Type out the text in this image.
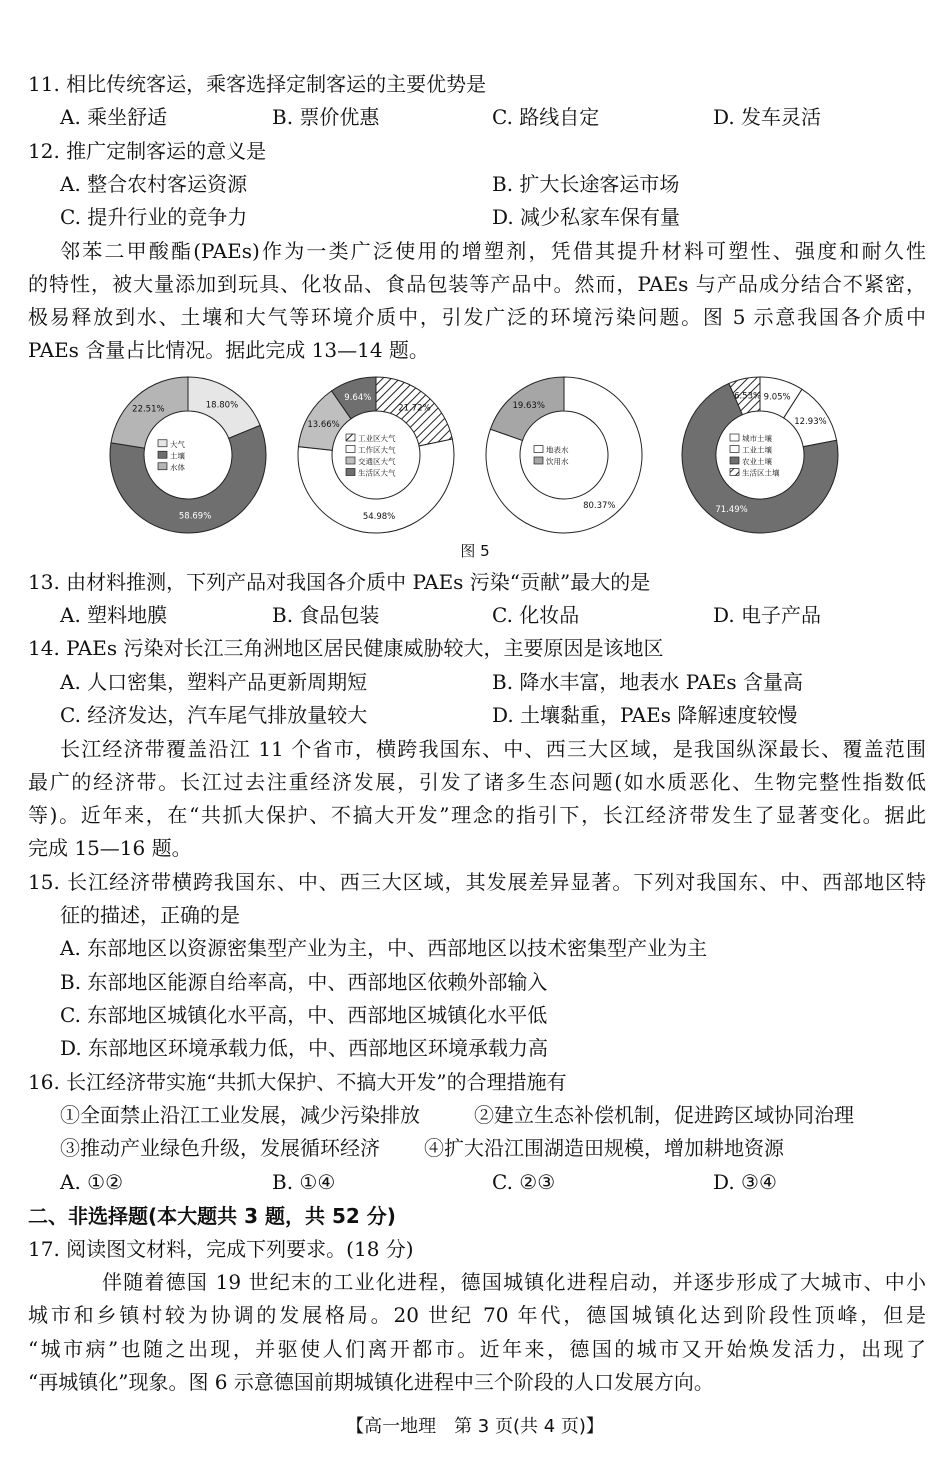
11. 相比传统客运，乘客选择定制客运的主要优势是
A. 乘坐舒适	B. 票价优惠	C. 路线自定	D. 发车灵活
12. 推广定制客运的意义是
A. 整合农村客运资源	B. 扩大长途客运市场
C. 提升行业的竞争力	D. 减少私家车保有量
邻苯二甲酸酯(PAEs)作为一类广泛使用的增塑剂，凭借其提升材料可塑性、强度和耐久性
的特性，被大量添加到玩具、化妆品、食品包装等产品中。然而，PAEs 与产品成分结合不紧密，
极易释放到水、土壤和大气等环境介质中，引发广泛的环境污染问题。图 5 示意我国各介质中
PAEs 含量占比情况。据此完成 13—14 题。
18.80%
58.69%
22.51%
大气
土壤
水体
21.72%
54.98%
13.66%
9.64%
工业区大气
工作区大气
交通区大气
生活区大气
80.37%
19.63%
地表水
饮用水
9.05%
12.93%
71.49%
6.53%
城市土壤
工业土壤
农业土壤
生活区土壤
图 5
13. 由材料推测，下列产品对我国各介质中 PAEs 污染“贡献”最大的是
A. 塑料地膜	B. 食品包装	C. 化妆品	D. 电子产品
14. PAEs 污染对长江三角洲地区居民健康威胁较大，主要原因是该地区
A. 人口密集，塑料产品更新周期短	B. 降水丰富，地表水 PAEs 含量高
C. 经济发达，汽车尾气排放量较大	D. 土壤黏重，PAEs 降解速度较慢
长江经济带覆盖沿江 11 个省市，横跨我国东、中、西三大区域，是我国纵深最长、覆盖范围
最广的经济带。长江过去注重经济发展，引发了诸多生态问题(如水质恶化、生物完整性指数低
等)。近年来，在“共抓大保护、不搞大开发”理念的指引下，长江经济带发生了显著变化。据此
完成 15—16 题。
15. 长江经济带横跨我国东、中、西三大区域，其发展差异显著。下列对我国东、中、西部地区特
征的描述，正确的是
A. 东部地区以资源密集型产业为主，中、西部地区以技术密集型产业为主
B. 东部地区能源自给率高，中、西部地区依赖外部输入
C. 东部地区城镇化水平高，中、西部地区城镇化水平低
D. 东部地区环境承载力低，中、西部地区环境承载力高
16. 长江经济带实施“共抓大保护、不搞大开发”的合理措施有
①全面禁止沿江工业发展，减少污染排放	②建立生态补偿机制，促进跨区域协同治理
③推动产业绿色升级，发展循环经济 ④扩大沿江围湖造田规模，增加耕地资源
A. ①②	B. ①④	C. ②③	D. ③④
二、非选择题(本大题共 3 题，共 52 分)
17. 阅读图文材料，完成下列要求。(18 分)
伴随着德国 19 世纪末的工业化进程，德国城镇化进程启动，并逐步形成了大城市、中小
城市和乡镇村较为协调的发展格局。20 世纪 70 年代，德国城镇化达到阶段性顶峰，但是
“城市病”也随之出现，并驱使人们离开都市。近年来，德国的城市又开始焕发活力，出现了
“再城镇化”现象。图 6 示意德国前期城镇化进程中三个阶段的人口发展方向。
【高一地理　第 3 页(共 4 页)】
